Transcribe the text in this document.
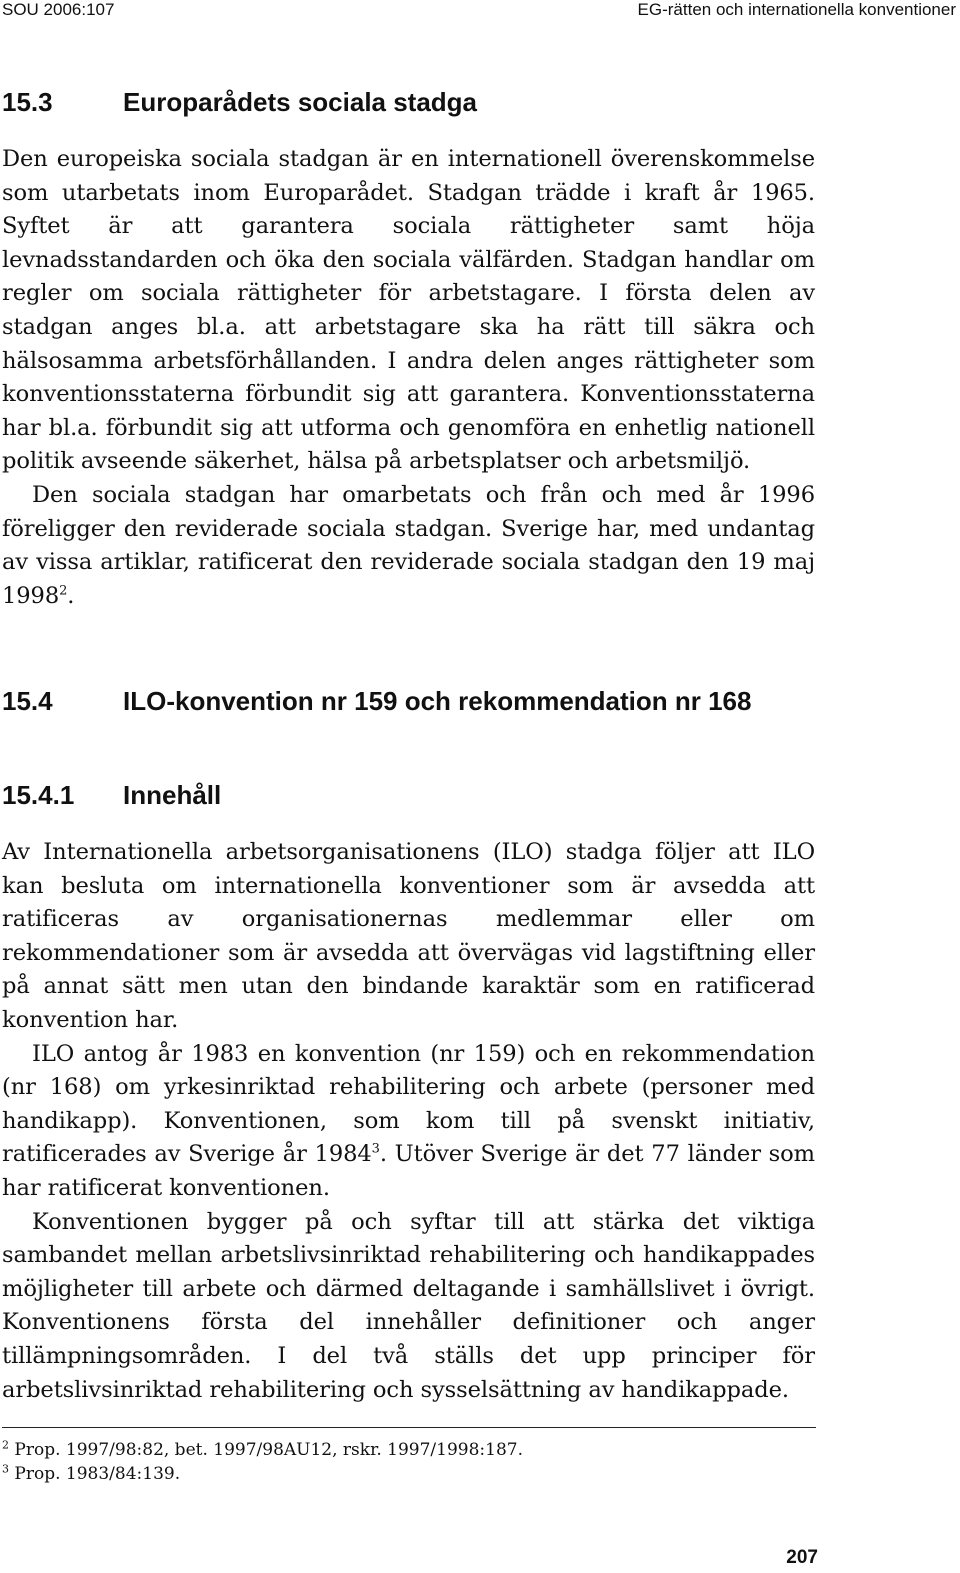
SOU 2006:107	EG-rätten och internationella konventioner
15.3	Europarådets sociala stadga

Den europeiska sociala stadgan är en internationell överenskommelse som utarbetats inom Europarådet. Stadgan trädde i kraft år 1965. Syftet är att garantera sociala rättigheter samt höja levnadsstandarden och öka den sociala välfärden. Stadgan handlar om regler om sociala rättigheter för arbetstagare. I första delen av stadgan anges bl.a. att arbetstagare ska ha rätt till säkra och hälsosamma arbetsförhållanden. I andra delen anges rättigheter som konventionsstaterna förbundit sig att garantera. Konventionsstaterna har bl.a. förbundit sig att utforma och genomföra en enhetlig nationell politik avseende säkerhet, hälsa på arbetsplatser och arbetsmiljö.

Den sociala stadgan har omarbetats och från och med år 1996 föreligger den reviderade sociala stadgan. Sverige har, med undantag av vissa artiklar, ratificerat den reviderade sociala stadgan den 19 maj 1998$^2$.

15.4	ILO-konvention nr 159 och rekommendation nr 168
15.4.1 Innehåll

Av Internationella arbetsorganisationens (ILO) stadga följer att ILO kan besluta om internationella konventioner som är avsedda att ratificeras av organisationernas medlemmar eller om rekommendationer som är avsedda att övervägas vid lagstiftning eller på annat sätt men utan den bindande karaktär som en ratificerad konvention har.

ILO antog år 1983 en konvention (nr 159) och en rekommendation (nr 168) om yrkesinriktad rehabilitering och arbete (personer med handikapp). Konventionen, som kom till på svenskt initiativ, ratificerades av Sverige år 1984$^3$. Utöver Sverige är det 77 länder som har ratificerat konventionen.

Konventionen bygger på och syftar till att stärka det viktiga sambandet mellan arbetslivsinriktad rehabilitering och handikappades möjligheter till arbete och därmed deltagande i samhällslivet i övrigt. Konventionens första del innehåller definitioner och anger tillämpningsområden. I del två ställs det upp principer för arbetslivsinriktad rehabilitering och sysselsättning av handikappade.

$^2$ Prop. 1997/98:82, bet. 1997/98AU12, rskr. 1997/1998:187.
$^3$ Prop. 1983/84:139.
207
